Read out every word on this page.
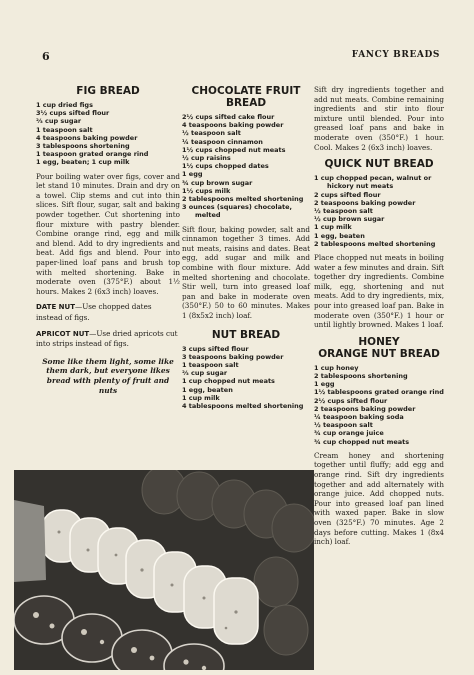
6	FANCY BREADS
FIG BREAD
1 cup dried figs
3½ cups sifted flour
⅔ cup sugar
1 teaspoon salt
4 teaspoons baking powder
3 tablespoons shortening
1 teaspoon grated orange rind
1 egg, beaten; 1 cup milk

Pour boiling water over figs, cover and let stand 10 minutes. Drain and dry on a towel. Clip stems and cut into thin slices. Sift flour, sugar, salt and baking powder together. Cut shortening into flour mixture with pastry blender. Combine orange rind, egg and milk and blend. Add to dry ingredients and beat. Add figs and blend. Pour into paper-lined loaf pans and brush top with melted shortening. Bake in moderate oven (375°F.) about 1½ hours. Makes 2 (6x3 inch) loaves.

DATE NUT—Use chopped dates instead of figs.

APRICOT NUT—Use dried apricots cut into strips instead of figs.

Some like them light, some like them dark, but everyone likes bread with plenty of fruit and nuts

CHOCOLATE FRUIT BREAD
2½ cups sifted cake flour
4 teaspoons baking powder
½ teaspoon salt
¼ teaspoon cinnamon
1½ cups chopped nut meats
½ cup raisins
1½ cups chopped dates
1 egg
¾ cup brown sugar
1½ cups milk
2 tablespoons melted shortening
3 ounces (squares) chocolate, melted

Sift flour, baking powder, salt and cinnamon together 3 times. Add nut meats, raisins and dates. Beat egg, add sugar and milk and combine with flour mixture. Add melted shortening and chocolate. Stir well, turn into greased loaf pan and bake in moderate oven (350°F.) 50 to 60 minutes. Makes 1 (8x5x2 inch) loaf.

NUT BREAD
3 cups sifted flour
3 teaspoons baking powder
1 teaspoon salt
⅔ cup sugar
1 cup chopped nut meats
1 egg, beaten
1 cup milk
4 tablespoons melted shortening

Sift dry ingredients together and add nut meats. Combine remaining ingredients and stir into flour mixture until blended. Pour into greased loaf pans and bake in moderate oven (350°F.) 1 hour. Cool. Makes 2 (6x3 inch) loaves.

QUICK NUT BREAD
1 cup chopped pecan, walnut or hickory nut meats
2 cups sifted flour
2 teaspoons baking powder
½ teaspoon salt
½ cup brown sugar
1 cup milk
1 egg, beaten
2 tablespoons melted shortening

Place chopped nut meats in boiling water a few minutes and drain. Sift together dry ingredients. Combine milk, egg, shortening and nut meats. Add to dry ingredients, mix, pour into greased loaf pan. Bake in moderate oven (350°F.) 1 hour or until lightly browned. Makes 1 loaf.

HONEY
ORANGE NUT BREAD
1 cup honey
2 tablespoons shortening
1 egg
1½ tablespoons grated orange rind
2½ cups sifted flour
2 teaspoons baking powder
¼ teaspoon baking soda
½ teaspoon salt
¾ cup orange juice
¾ cup chopped nut meats

Cream honey and shortening together until fluffy; add egg and orange rind. Sift dry ingredients together and add alternately with orange juice. Add chopped nuts. Pour into greased loaf pan lined with waxed paper. Bake in slow oven (325°F.) 70 minutes. Age 2 days before cutting. Makes 1 (8x4 inch) loaf.
